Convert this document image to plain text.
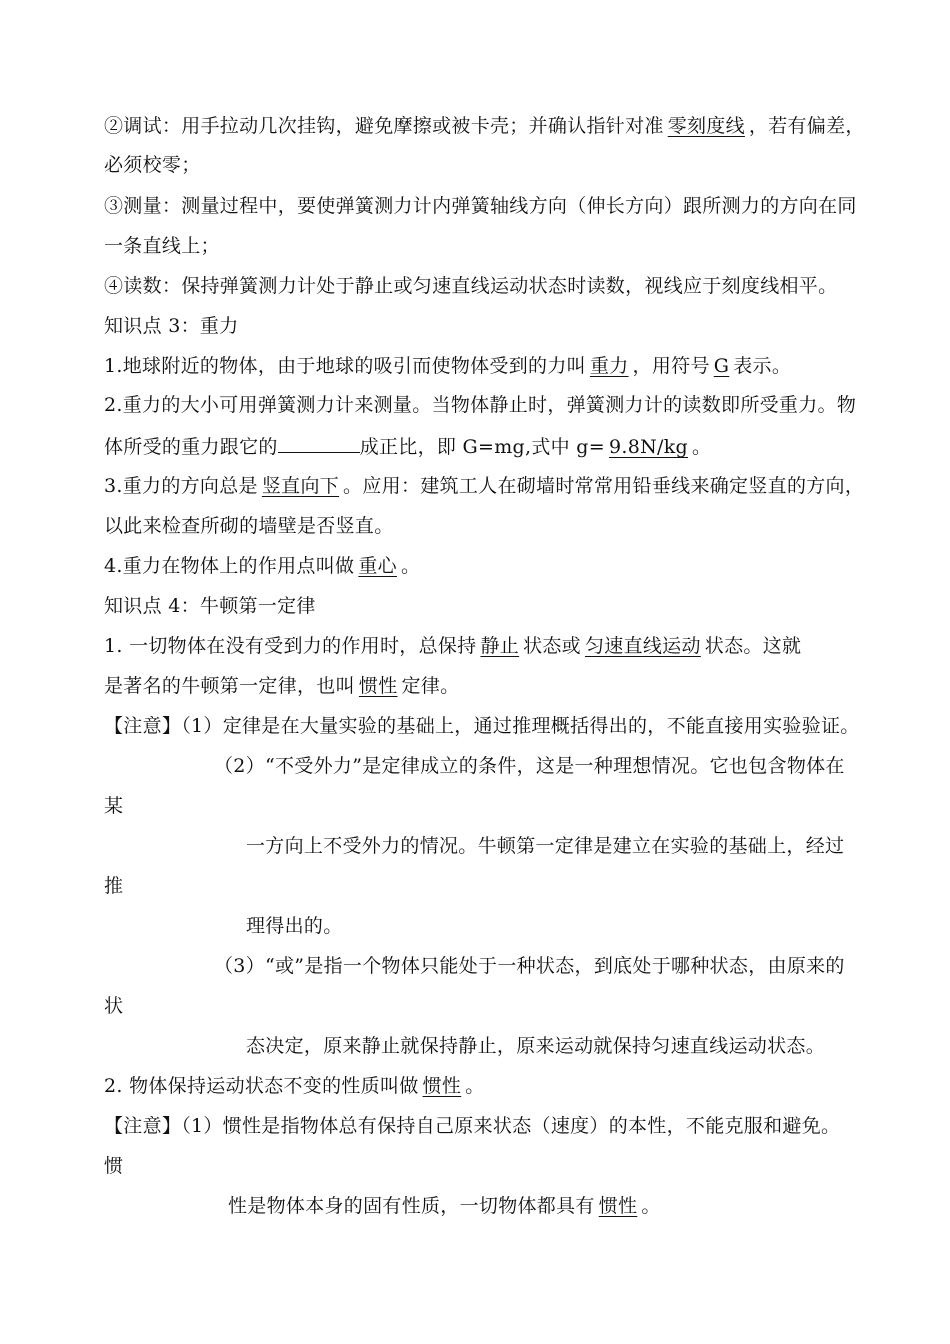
②调试：用手拉动几次挂钩，避免摩擦或被卡壳；并确认指针对准 零刻度线 ，若有偏差，
必须校零；
③测量：测量过程中，要使弹簧测力计内弹簧轴线方向（伸长方向）跟所测力的方向在同
一条直线上；
④读数：保持弹簧测力计处于静止或匀速直线运动状态时读数，视线应于刻度线相平。
知识点 3：重力
1.地球附近的物体，由于地球的吸引而使物体受到的力叫 重力 ，用符号 G 表示。
2.重力的大小可用弹簧测力计来测量。当物体静止时，弹簧测力计的读数即所受重力。物
体所受的重力跟它的	成正比，即 G=mg,式中 g= 9.8N/kg 。
3.重力的方向总是 竖直向下 。应用：建筑工人在砌墙时常常用铅垂线来确定竖直的方向，
以此来检查所砌的墙壁是否竖直。
4.重力在物体上的作用点叫做 重心 。
知识点 4：牛顿第一定律
1. 一切物体在没有受到力的作用时，总保持 静止 状态或 匀速直线运动 状态。这就
是著名的牛顿第一定律，也叫 惯性 定律。
【注意】（1）定律是在大量实验的基础上，通过推理概括得出的，不能直接用实验验证。
（2）“不受外力”是定律成立的条件，这是一种理想情况。它也包含物体在
某
一方向上不受外力的情况。牛顿第一定律是建立在实验的基础上，经过
推
理得出的。
（3）“或”是指一个物体只能处于一种状态，到底处于哪种状态，由原来的
状
态决定，原来静止就保持静止，原来运动就保持匀速直线运动状态。
2. 物体保持运动状态不变的性质叫做 惯性 。
【注意】（1）惯性是指物体总有保持自己原来状态（速度）的本性，不能克服和避免。
惯
性是物体本身的固有性质，一切物体都具有 惯性 。
